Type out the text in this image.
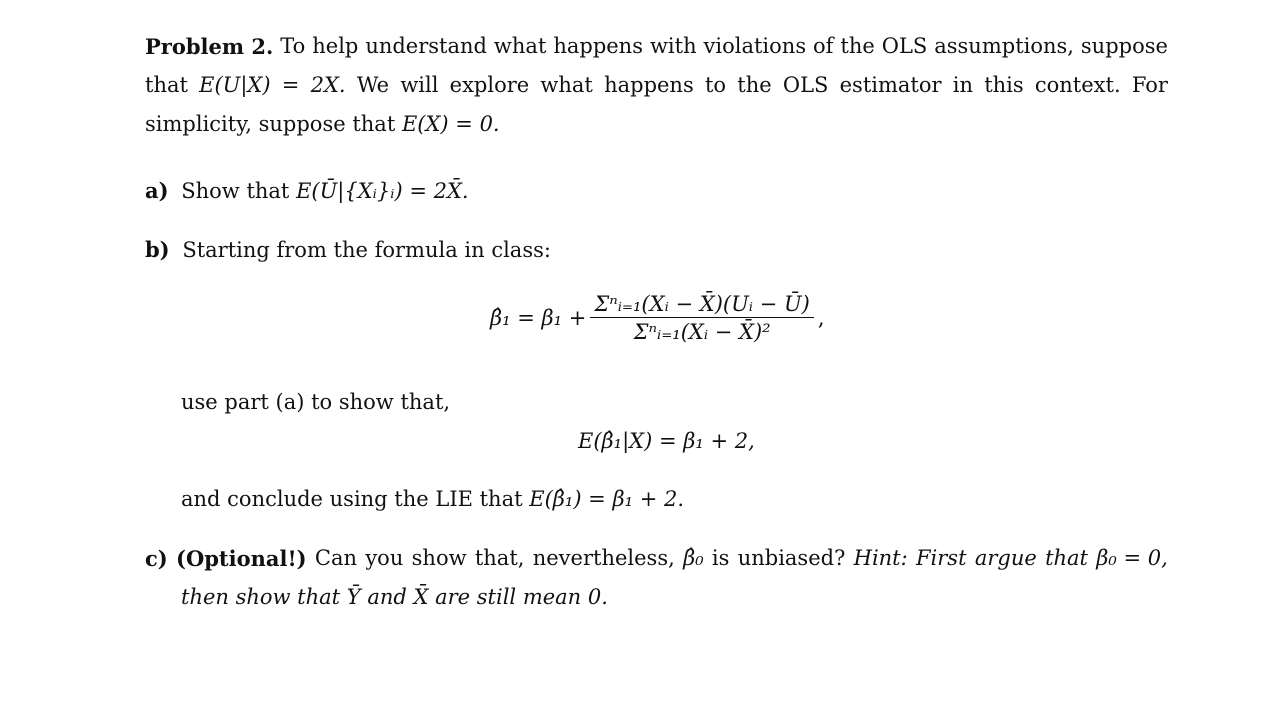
Problem 2. To help understand what happens with violations of the OLS assumptions, suppose
that E(U|X) = 2X. We will explore what happens to the OLS estimator in this context. For
simplicity, suppose that E(X) = 0.
a) Show that E(Ū|{Xᵢ}ᵢ) = 2X̄.
b) Starting from the formula in class:
β̂₁ = $\beta_1 + \frac{\text{Σⁿᵢ₌₁(Xᵢ − X̄)(Uᵢ − Ū)}}{\text{Σⁿᵢ₌₁(Xᵢ − X̄)²}}$ ,
use part (a) to show that,
E(β̂₁|X) = β₁ + 2,
and conclude using the LIE that E(β̂₁) = β₁ + 2.
c) (Optional!) Can you show that, nevertheless, β̂₀ is unbiased? Hint: First argue that β₀ = 0,
then show that Ȳ and X̄ are still mean 0.
